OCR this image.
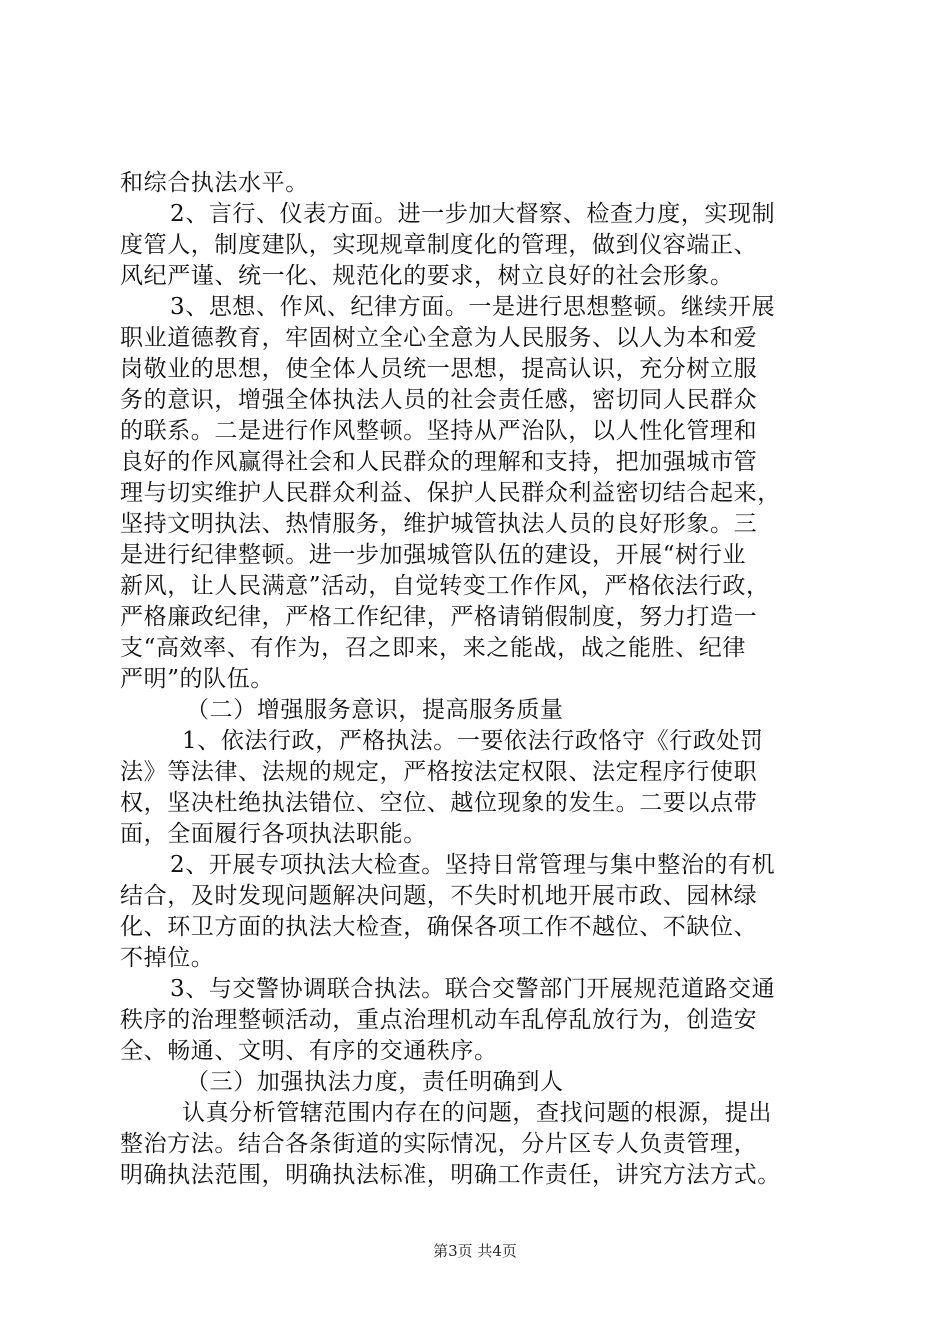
和综合执法水平。
2、言行、仪表方面。进一步加大督察、检查力度，实现制
度管人，制度建队，实现规章制度化的管理，做到仪容端正、
风纪严谨、统一化、规范化的要求，树立良好的社会形象。
3、思想、作风、纪律方面。一是进行思想整顿。继续开展
职业道德教育，牢固树立全心全意为人民服务、以人为本和爱
岗敬业的思想，使全体人员统一思想，提高认识，充分树立服
务的意识，增强全体执法人员的社会责任感，密切同人民群众
的联系。二是进行作风整顿。坚持从严治队，以人性化管理和
良好的作风赢得社会和人民群众的理解和支持，把加强城市管
理与切实维护人民群众利益、保护人民群众利益密切结合起来，
坚持文明执法、热情服务，维护城管执法人员的良好形象。三
是进行纪律整顿。进一步加强城管队伍的建设，开展“树行业
新风，让人民满意”活动，自觉转变工作作风，严格依法行政，
严格廉政纪律，严格工作纪律，严格请销假制度，努力打造一
支“高效率、有作为，召之即来，来之能战，战之能胜、纪律
严明”的队伍。
（二）增强服务意识，提高服务质量
1、依法行政，严格执法。一要依法行政恪守《行政处罚
法》等法律、法规的规定，严格按法定权限、法定程序行使职
权，坚决杜绝执法错位、空位、越位现象的发生。二要以点带
面，全面履行各项执法职能。
2、开展专项执法大检查。坚持日常管理与集中整治的有机
结合，及时发现问题解决问题，不失时机地开展市政、园林绿
化、环卫方面的执法大检查，确保各项工作不越位、不缺位、
不掉位。
3、与交警协调联合执法。联合交警部门开展规范道路交通
秩序的治理整顿活动，重点治理机动车乱停乱放行为，创造安
全、畅通、文明、有序的交通秩序。
（三）加强执法力度，责任明确到人
认真分析管辖范围内存在的问题，查找问题的根源，提出
整治方法。结合各条街道的实际情况，分片区专人负责管理，
明确执法范围，明确执法标准，明确工作责任，讲究方法方式。
第3页 共4页
